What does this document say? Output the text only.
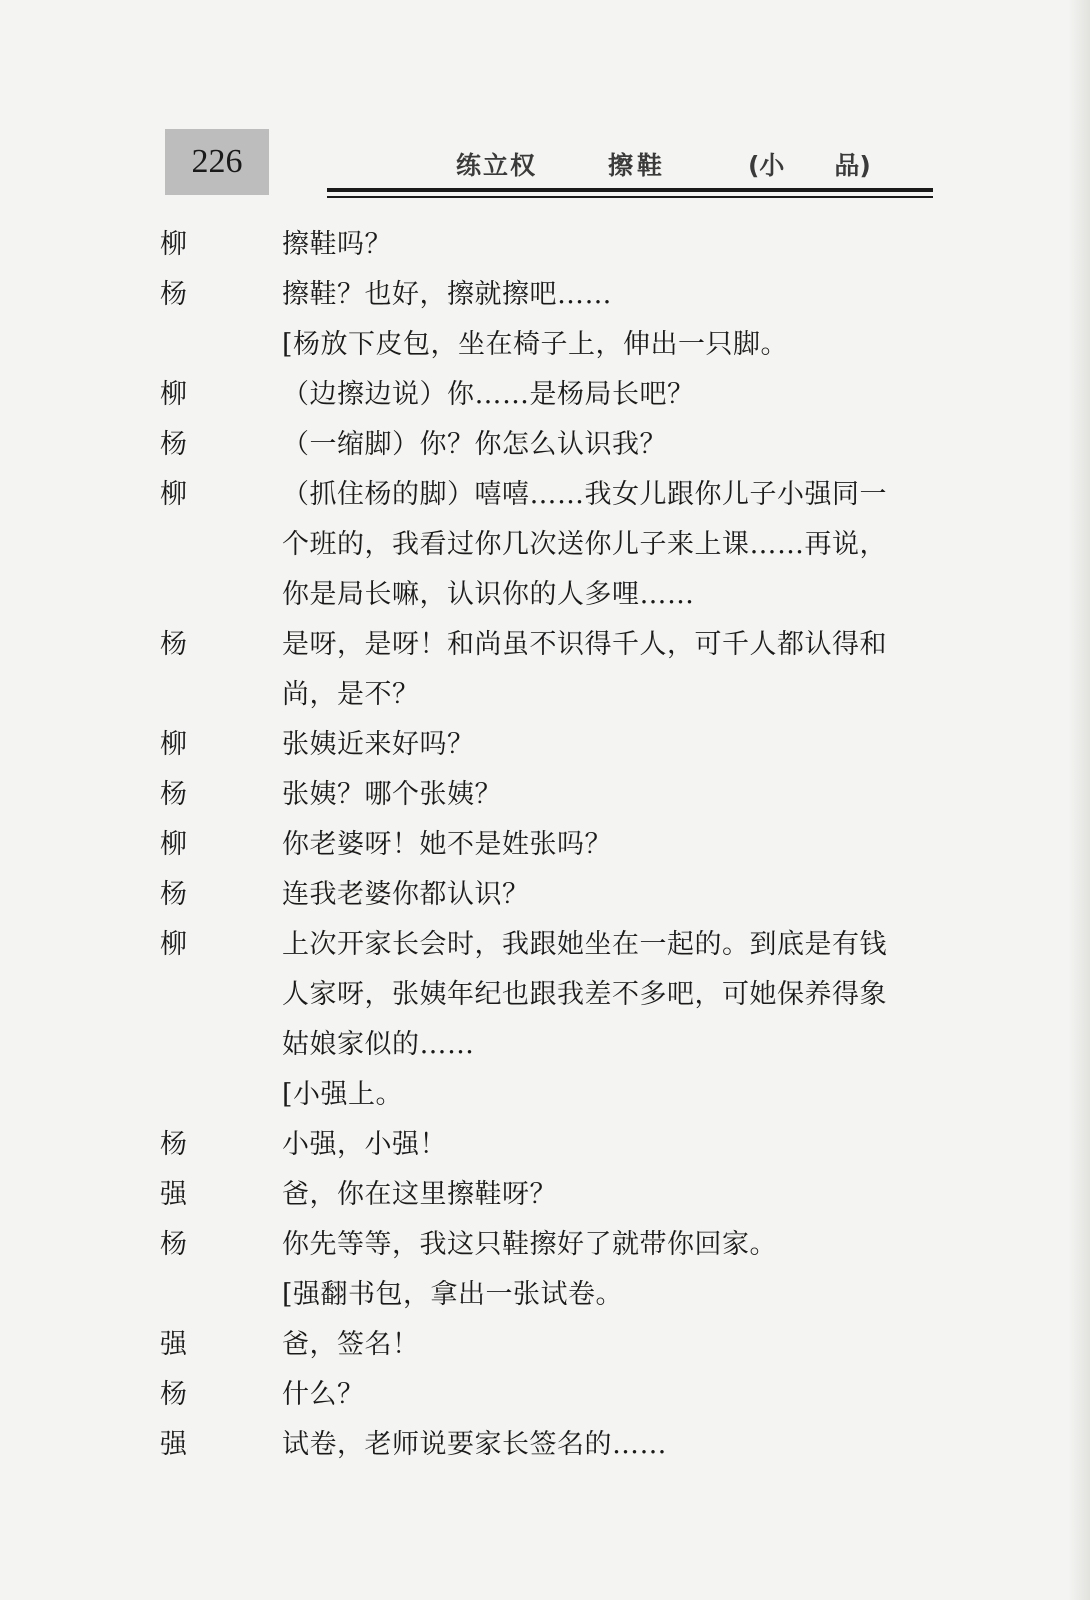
226	练立权	擦鞋	(小　　品)
柳	擦鞋吗？
杨	擦鞋？也好，擦就擦吧……
[杨放下皮包，坐在椅子上，伸出一只脚。
柳	（边擦边说）你……是杨局长吧？
杨	（一缩脚）你？你怎么认识我？
柳	（抓住杨的脚）嘻嘻……我女儿跟你儿子小强同一
个班的，我看过你几次送你儿子来上课……再说，
你是局长嘛，认识你的人多哩……
杨	是呀，是呀！和尚虽不识得千人，可千人都认得和
尚，是不？
柳	张姨近来好吗？
杨	张姨？哪个张姨？
柳	你老婆呀！她不是姓张吗？
杨	连我老婆你都认识？
柳	上次开家长会时，我跟她坐在一起的。到底是有钱
人家呀，张姨年纪也跟我差不多吧，可她保养得象
姑娘家似的……
[小强上。
杨	小强，小强！
强	爸，你在这里擦鞋呀？
杨	你先等等，我这只鞋擦好了就带你回家。
[强翻书包，拿出一张试卷。
强	爸，签名！
杨	什么？
强	试卷，老师说要家长签名的……
